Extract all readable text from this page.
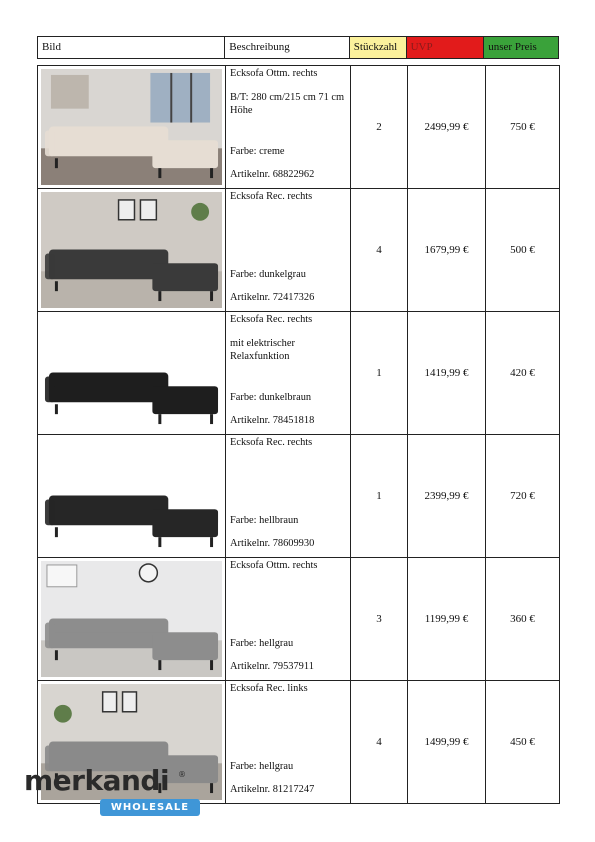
Bild	Beschreibung	Stückzahl	UVP	unser Preis
Ecksofa Ottm. rechts
B/T: 280 cm/215 cm 71 cm Höhe
Farbe: creme
Artikelnr. 68822962
2	2499,99 €	750 €
Ecksofa Rec. rechts
Farbe: dunkelgrau
Artikelnr. 72417326
4	1679,99 €	500 €
Ecksofa Rec. rechts
mit elektrischer Relaxfunktion
Farbe: dunkelbraun
Artikelnr. 78451818
1	1419,99 €	420 €
Ecksofa Rec. rechts
Farbe: hellbraun
Artikelnr. 78609930
1	2399,99 €	720 €
Ecksofa Ottm. rechts
Farbe: hellgrau
Artikelnr. 79537911
3	1199,99 €	360 €
Ecksofa Rec. links
Farbe: hellgrau
Artikelnr. 81217247
4	1499,99 €	450 €
merkandi ®
WHOLESALE
